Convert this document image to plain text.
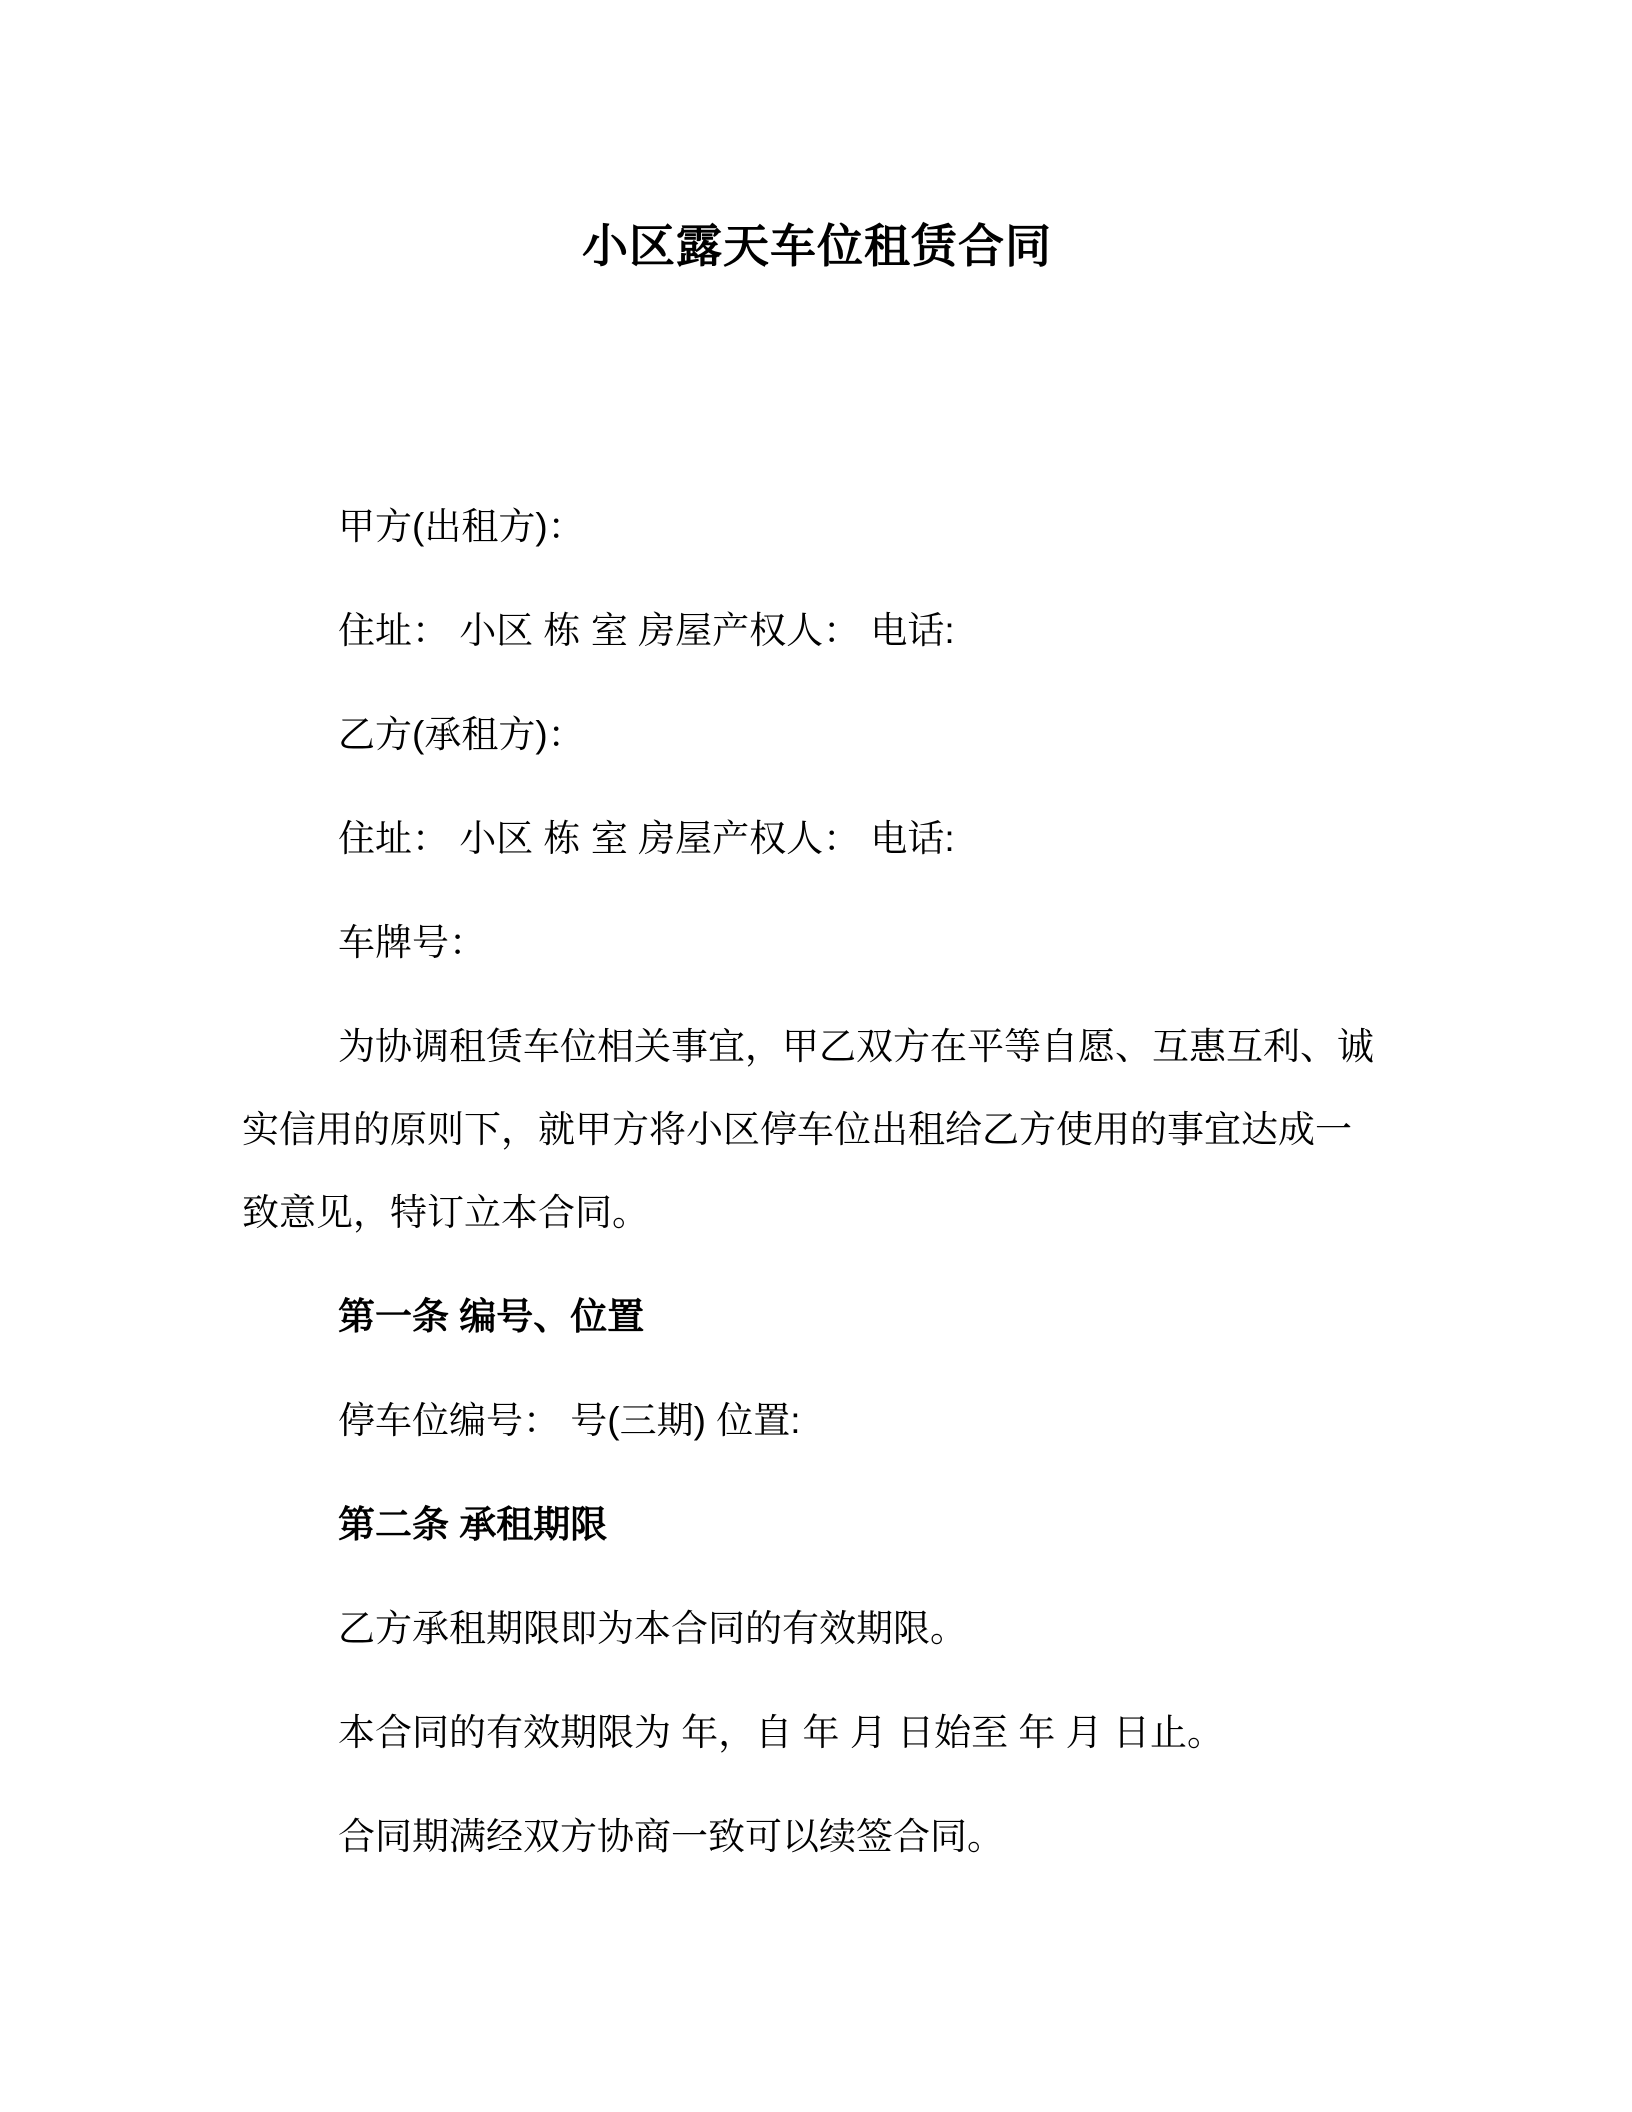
小区露天车位租赁合同

甲方(出租方)：

住址： 小区 栋 室 房屋产权人： 电话:

乙方(承租方)：

住址： 小区 栋 室 房屋产权人： 电话:

车牌号：

为协调租赁车位相关事宜，甲乙双方在平等自愿、互惠互利、诚
实信用的原则下，就甲方将小区停车位出租给乙方使用的事宜达成一
致意见，特订立本合同。

第一条 编号、位置

停车位编号： 号(三期) 位置:

第二条 承租期限

乙方承租期限即为本合同的有效期限。

本合同的有效期限为 年，自 年 月 日始至 年 月 日止。

合同期满经双方协商一致可以续签合同。
